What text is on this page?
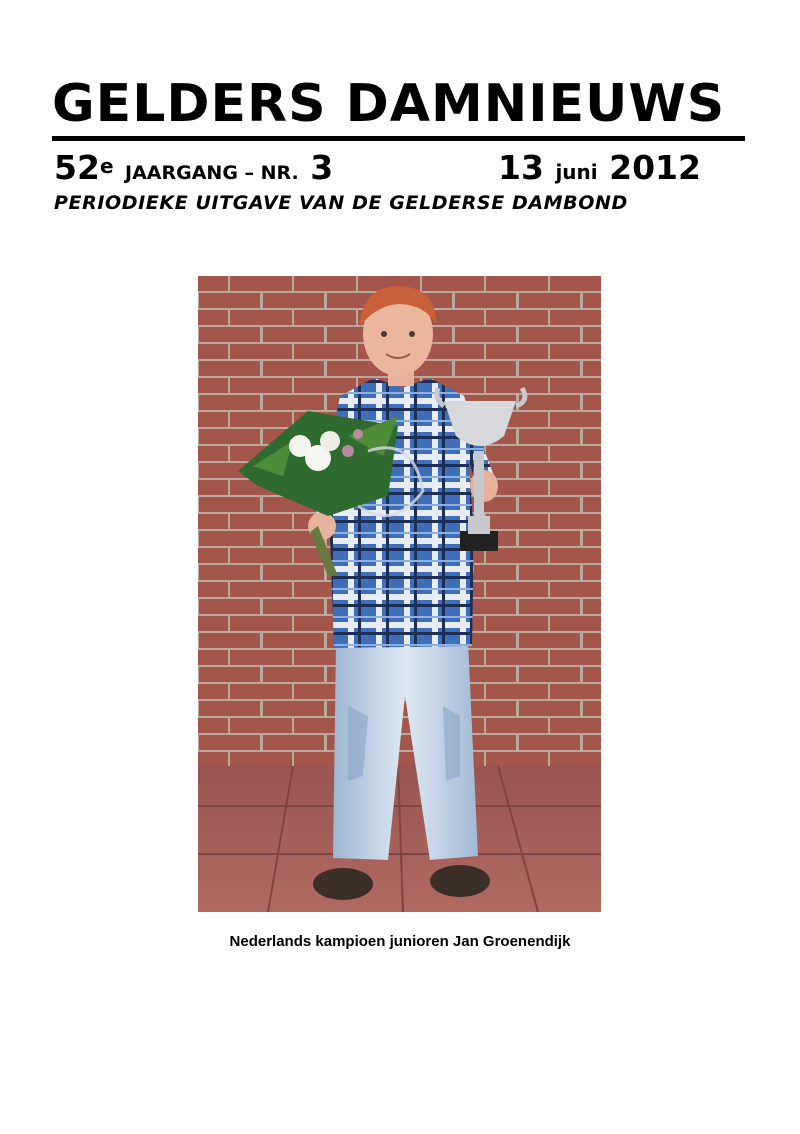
GELDERS DAMNIEUWS
52e JAARGANG – NR. 3	13 juni 2012
PERIODIEKE UITGAVE VAN DE GELDERSE DAMBOND
Nederlands kampioen junioren Jan Groenendijk
